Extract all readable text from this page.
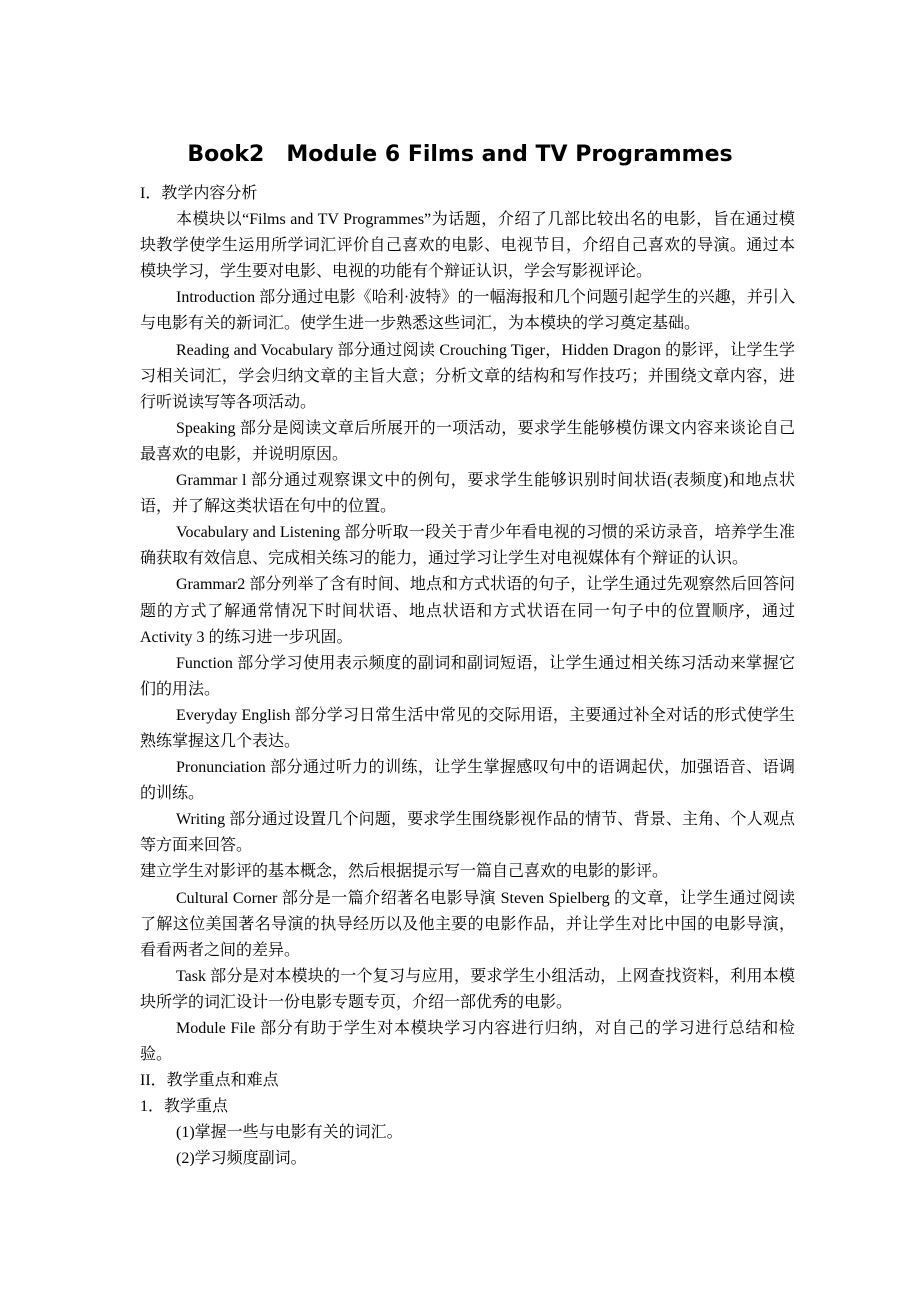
Book2 Module 6 Films and TV Programmes

I．教学内容分析

本模块以“Films and TV Programmes”为话题，介绍了几部比较出名的电影，旨在通过模块教学使学生运用所学词汇评价自己喜欢的电影、电视节目，介绍自己喜欢的导演。通过本模块学习，学生要对电影、电视的功能有个辩证认识，学会写影视评论。

Introduction 部分通过电影《哈利·波特》的一幅海报和几个问题引起学生的兴趣，并引入与电影有关的新词汇。使学生进一步熟悉这些词汇，为本模块的学习奠定基础。

Reading and Vocabulary 部分通过阅读 Crouching Tiger，Hidden Dragon 的影评，让学生学习相关词汇，学会归纳文章的主旨大意；分析文章的结构和写作技巧；并围绕文章内容，进行听说读写等各项活动。

Speaking 部分是阅读文章后所展开的一项活动，要求学生能够模仿课文内容来谈论自己最喜欢的电影，并说明原因。

Grammar l 部分通过观察课文中的例句，要求学生能够识别时间状语(表频度)和地点状语，并了解这类状语在句中的位置。

Vocabulary and Listening 部分听取一段关于青少年看电视的习惯的采访录音，培养学生准确获取有效信息、完成相关练习的能力，通过学习让学生对电视媒体有个辩证的认识。

Grammar2 部分列举了含有时间、地点和方式状语的句子，让学生通过先观察然后回答问题的方式了解通常情况下时间状语、地点状语和方式状语在同一句子中的位置顺序，通过 Activity 3 的练习进一步巩固。

Function 部分学习使用表示频度的副词和副词短语，让学生通过相关练习活动来掌握它们的用法。

Everyday English 部分学习日常生活中常见的交际用语，主要通过补全对话的形式使学生熟练掌握这几个表达。

Pronunciation 部分通过听力的训练，让学生掌握感叹句中的语调起伏，加强语音、语调的训练。

Writing 部分通过设置几个问题，要求学生围绕影视作品的情节、背景、主角、个人观点等方面来回答。

建立学生对影评的基本概念，然后根据提示写一篇自己喜欢的电影的影评。

Cultural Corner 部分是一篇介绍著名电影导演 Steven Spielberg 的文章，让学生通过阅读了解这位美国著名导演的执导经历以及他主要的电影作品，并让学生对比中国的电影导演，看看两者之间的差异。

Task 部分是对本模块的一个复习与应用，要求学生小组活动，上网查找资料，利用本模块所学的词汇设计一份电影专题专页，介绍一部优秀的电影。

Module File 部分有助于学生对本模块学习内容进行归纳，对自己的学习进行总结和检验。

II．教学重点和难点

1．教学重点

(1)掌握一些与电影有关的词汇。

(2)学习频度副词。
